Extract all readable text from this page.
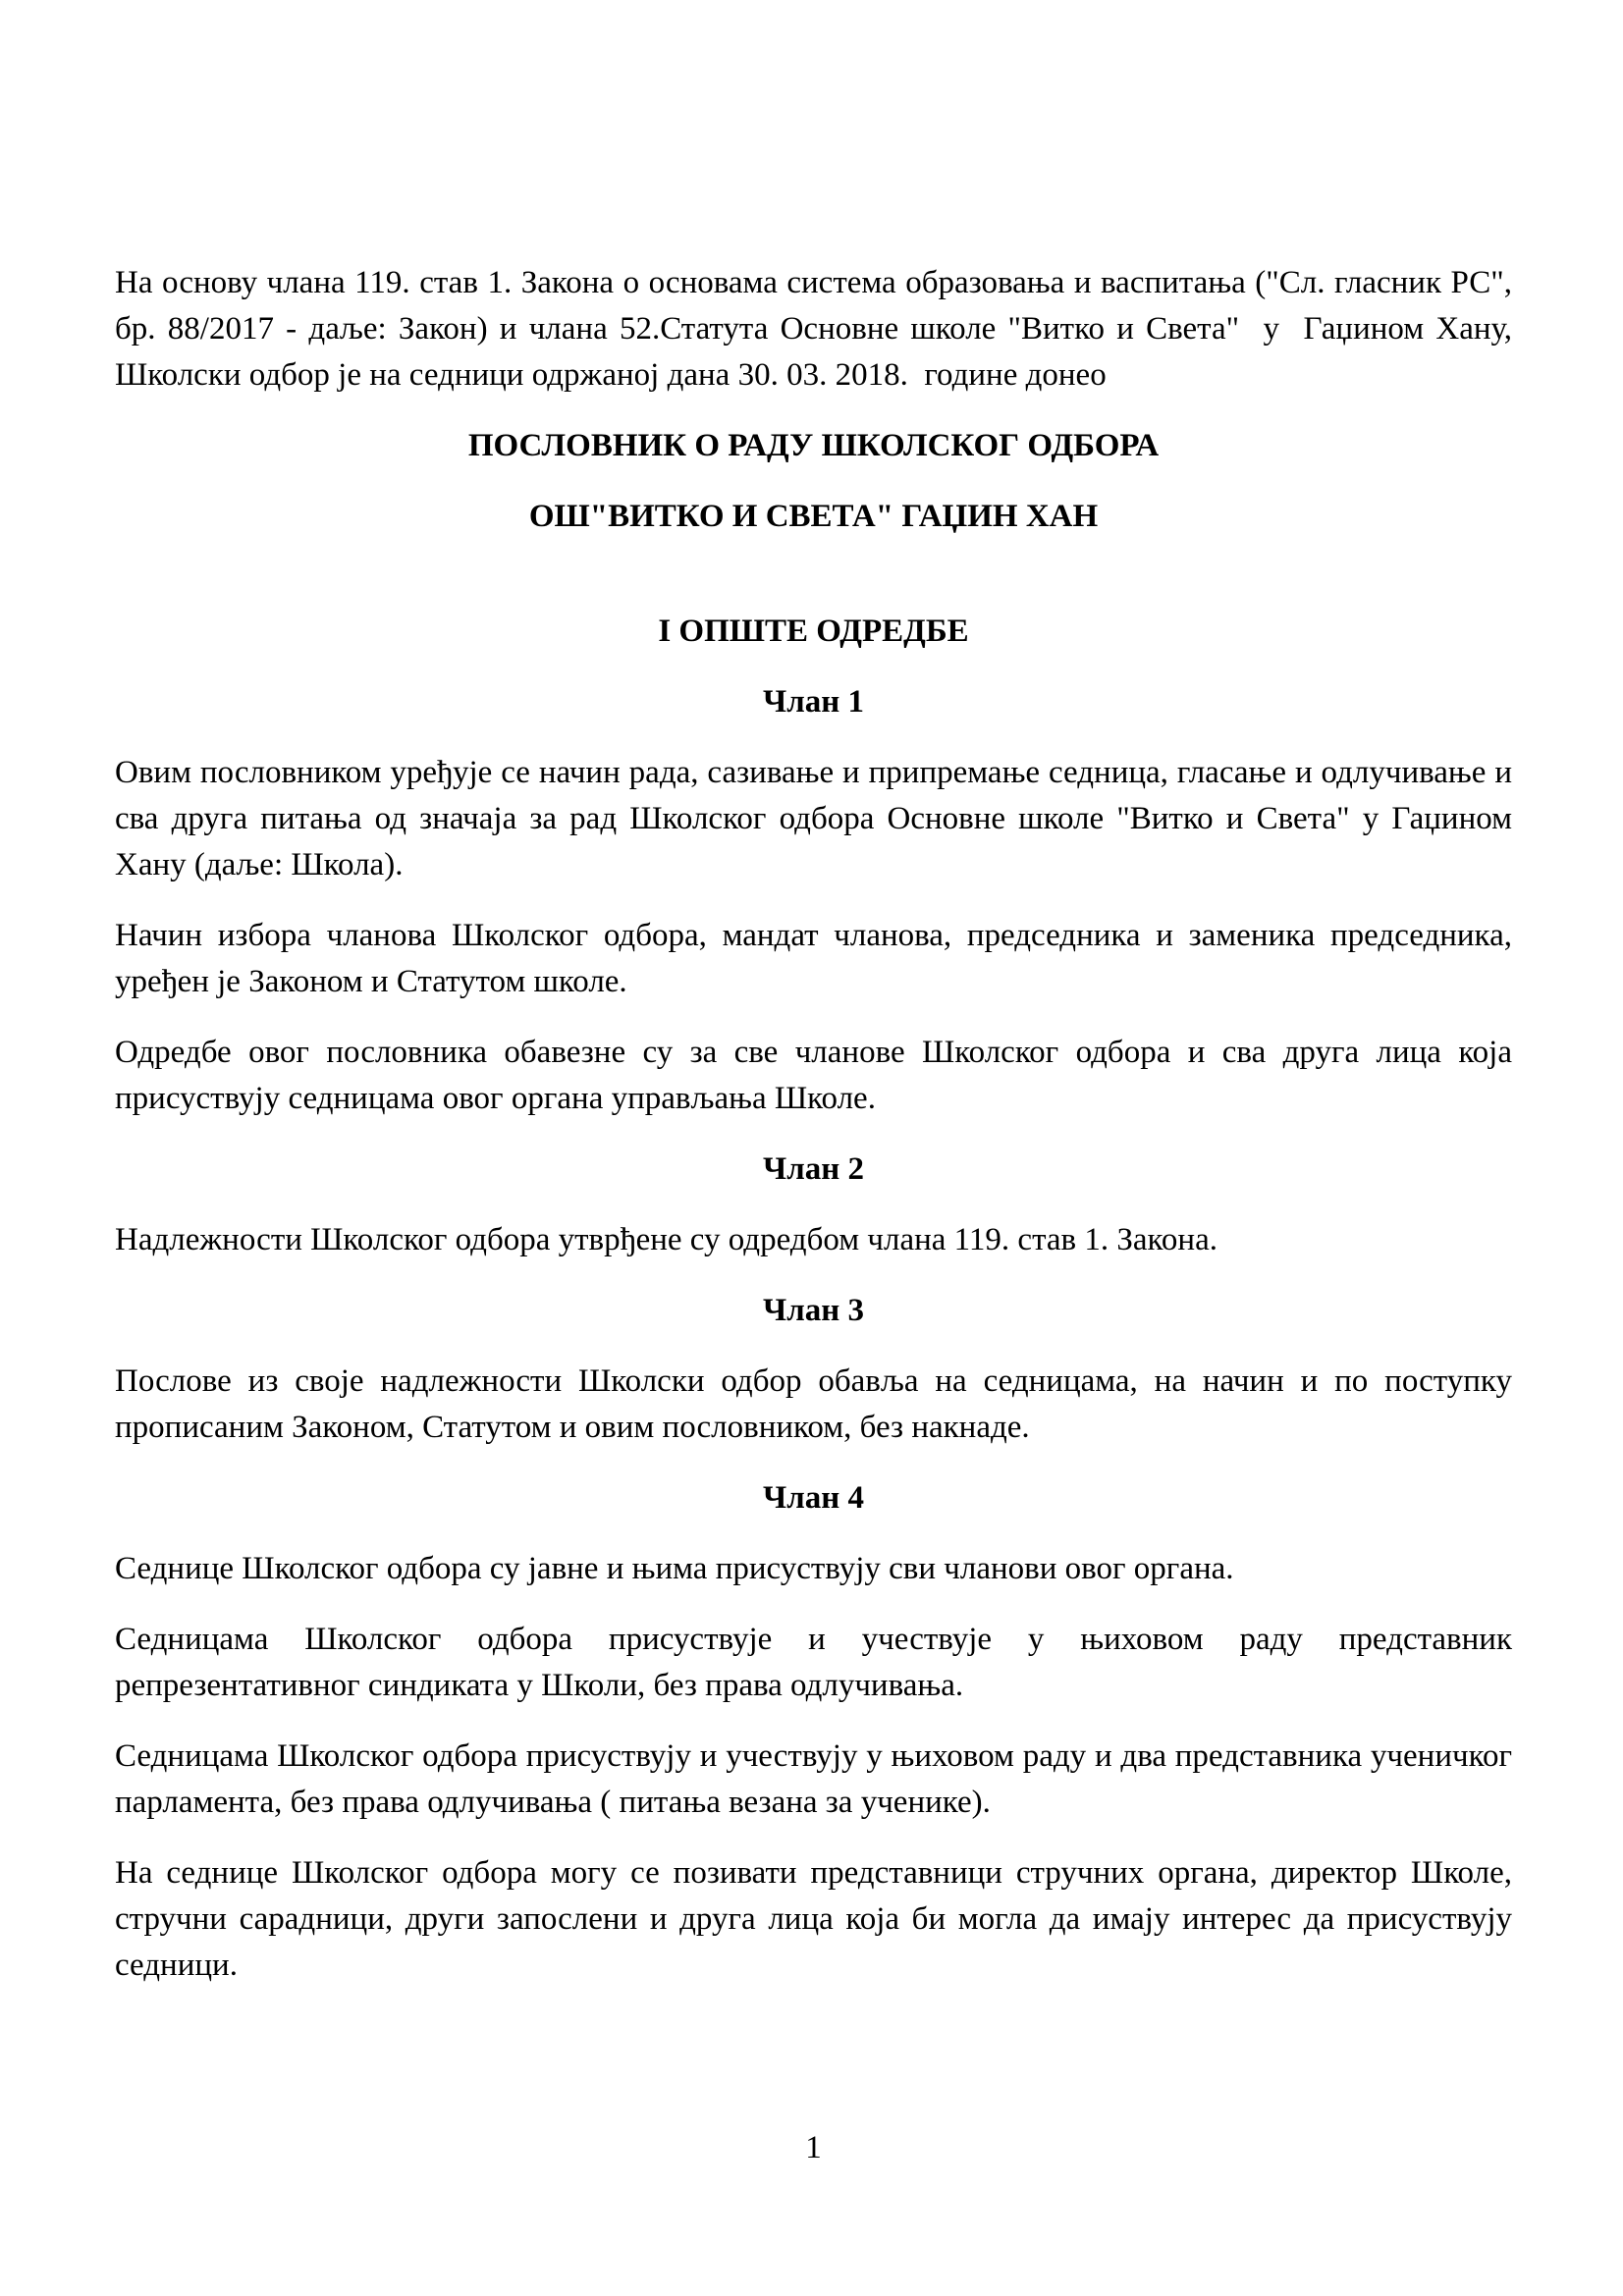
На основу члана 119. став 1. Закона о основама система образовања и васпитања ("Сл. гласник РС", бр. 88/2017 - даље: Закон) и члана 52.Статута Основне школе "Витко и Света"  у  Гаџином Хану,  Школски одбор је на седници одржаној дана 30. 03. 2018.  године донео

ПОСЛОВНИК О РАДУ ШКОЛСКОГ ОДБОРА

ОШ"ВИТКО И СВЕТА" ГАЏИН ХАН

I ОПШТЕ ОДРЕДБЕ

Члан 1

Овим пословником уређује се начин рада, сазивање и припремање седница, гласање и одлучивање и сва друга питања од значаја за рад Школског одбора Основне школе "Витко и Света" у Гаџином Хану (даље: Школа).

Начин избора чланова Школског одбора, мандат чланова, председника и заменика председника, уређен је Законом и Статутом школе.

Одредбе овог пословника обавезне су за све чланове Школског одбора и сва друга лица која присуствују седницама овог органа управљања Школе.

Члан 2

Надлежности Школског одбора утврђене су одредбом члана 119. став 1. Закона.

Члан 3

Послове из своје надлежности Школски одбор обавља на седницама, на начин и по поступку прописаним Законом, Статутом и овим пословником, без накнаде.

Члан 4

Седнице Школског одбора су јавне и њима присуствују сви чланови овог органа.

Седницама Школског одбора присуствује и учествује у њиховом раду представник репрезентативног синдиката у Школи, без права одлучивања.

Седницама Школског одбора присуствују и учествују у њиховом раду и два представника ученичког парламента, без права одлучивања ( питања везана за ученике).

На седнице Школског одбора могу се позивати представници стручних органа, директор Школе, стручни сарадници, други запослени и друга лица која би могла да имају интерес да присуствују седници.

1
